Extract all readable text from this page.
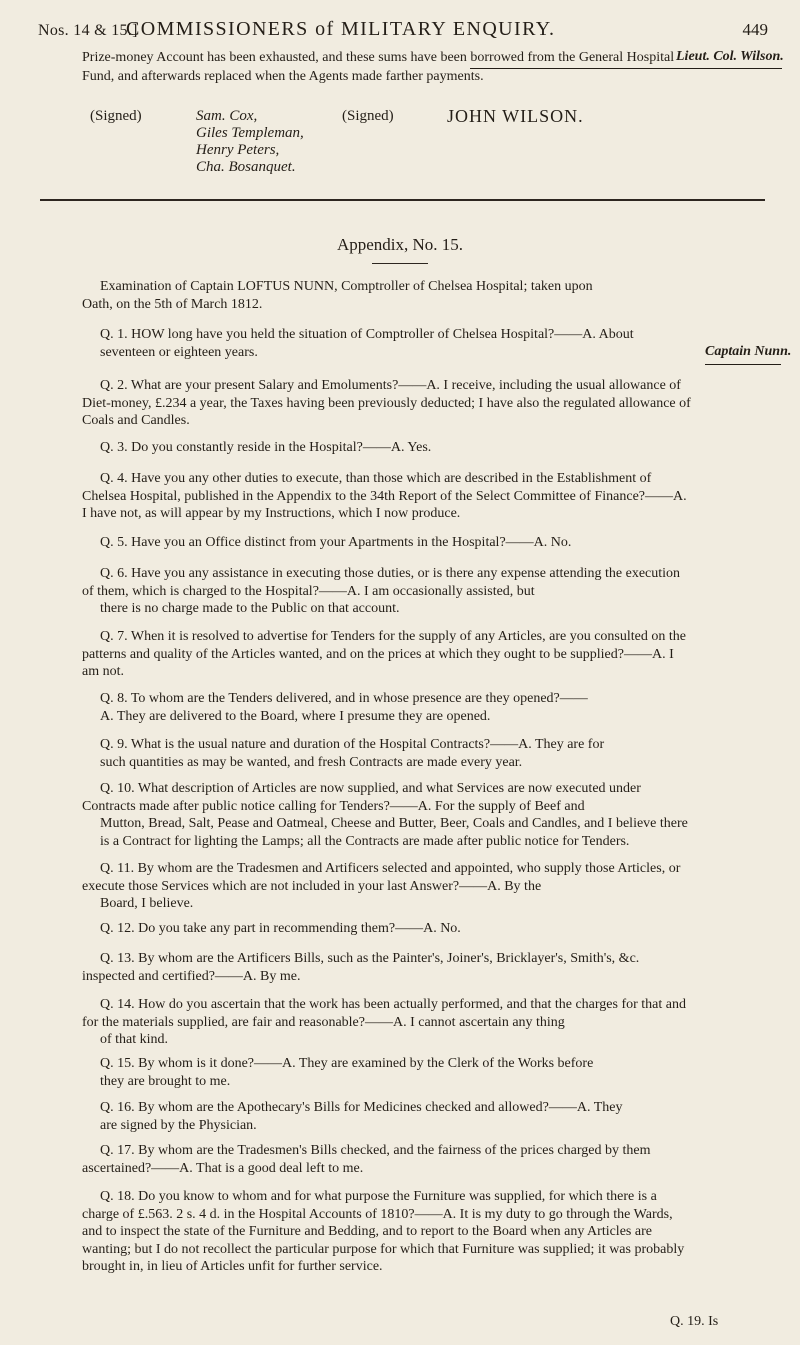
Nos. 14 & 15.]
COMMISSIONERS of MILITARY ENQUIRY.	449
Prize-money Account has been exhausted, and these sums have been borrowed from the General Hospital Fund, and afterwards replaced when the Agents made farther payments.
Lieut. Col. Wilson.
(Signed)	Sam. Cox,
Giles Templeman,
Henry Peters,
Cha. Bosanquet.
(Signed)	JOHN WILSON.
Appendix, No. 15.
Examination of Captain LOFTUS NUNN, Comptroller of Chelsea Hospital; taken upon
Oath, on the 5th of March 1812.
Captain Nunn.
Q. 1. HOW long have you held the situation of Comptroller of Chelsea Hospital?——A. About
seventeen or eighteen years.
Q. 2. What are your present Salary and Emoluments?——A. I receive, including the usual allowance of Diet-money, £.234 a year, the Taxes having been previously deducted; I have also the regulated allowance of Coals and Candles.
Q. 3. Do you constantly reside in the Hospital?——A. Yes.
Q. 4. Have you any other duties to execute, than those which are described in the Establishment of Chelsea Hospital, published in the Appendix to the 34th Report of the Select Committee of Finance?——A. I have not, as will appear by my Instructions, which I now produce.
Q. 5. Have you an Office distinct from your Apartments in the Hospital?——A. No.
Q. 6. Have you any assistance in executing those duties, or is there any expense attending the execution of them, which is charged to the Hospital?——A. I am occasionally assisted, but
there is no charge made to the Public on that account.
Q. 7. When it is resolved to advertise for Tenders for the supply of any Articles, are you consulted on the patterns and quality of the Articles wanted, and on the prices at which they ought to be supplied?——A. I am not.
Q. 8. To whom are the Tenders delivered, and in whose presence are they opened?——
A. They are delivered to the Board, where I presume they are opened.
Q. 9. What is the usual nature and duration of the Hospital Contracts?——A. They are for
such quantities as may be wanted, and fresh Contracts are made every year.
Q. 10. What description of Articles are now supplied, and what Services are now executed under Contracts made after public notice calling for Tenders?——A. For the supply of Beef and
Mutton, Bread, Salt, Pease and Oatmeal, Cheese and Butter, Beer, Coals and Candles, and I believe there is a Contract for lighting the Lamps; all the Contracts are made after public notice for Tenders.
Q. 11. By whom are the Tradesmen and Artificers selected and appointed, who supply those Articles, or execute those Services which are not included in your last Answer?——A. By the
Board, I believe.
Q. 12. Do you take any part in recommending them?——A. No.
Q. 13. By whom are the Artificers Bills, such as the Painter's, Joiner's, Bricklayer's, Smith's, &c. inspected and certified?——A. By me.
Q. 14. How do you ascertain that the work has been actually performed, and that the charges for that and for the materials supplied, are fair and reasonable?——A. I cannot ascertain any thing
of that kind.
Q. 15. By whom is it done?——A. They are examined by the Clerk of the Works before
they are brought to me.
Q. 16. By whom are the Apothecary's Bills for Medicines checked and allowed?——A. They
are signed by the Physician.
Q. 17. By whom are the Tradesmen's Bills checked, and the fairness of the prices charged by them ascertained?——A. That is a good deal left to me.
Q. 18. Do you know to whom and for what purpose the Furniture was supplied, for which there is a charge of £.563. 2 s. 4 d. in the Hospital Accounts of 1810?——A. It is my duty to go through the Wards, and to inspect the state of the Furniture and Bedding, and to report to the Board when any Articles are wanting; but I do not recollect the particular purpose for which that Furniture was supplied; it was probably brought in, in lieu of Articles unfit for further service.
Q. 19. Is
